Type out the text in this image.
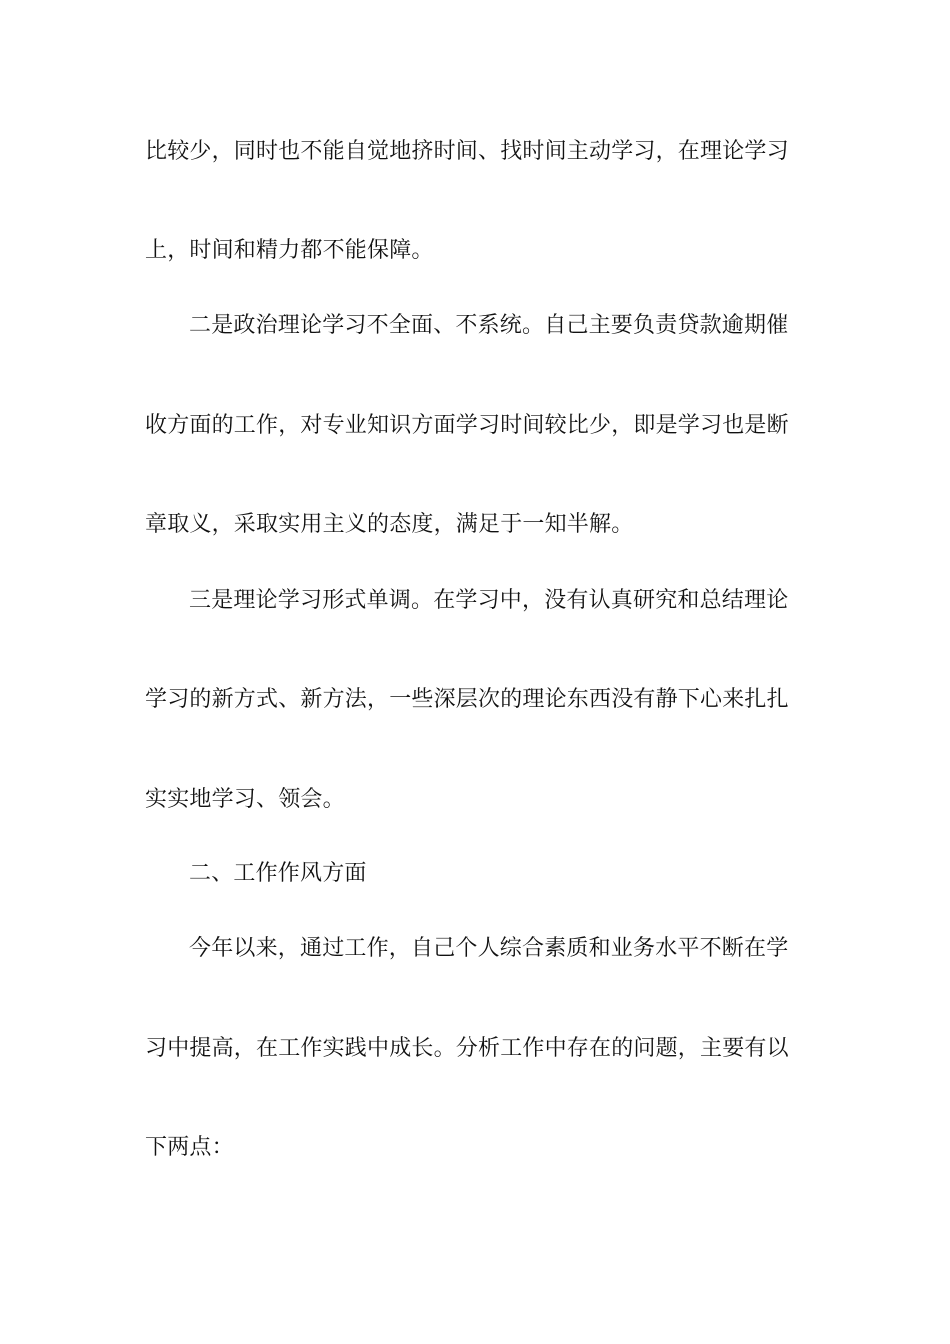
比较少，同时也不能自觉地挤时间、找时间主动学习，在理论学习
上，时间和精力都不能保障。
二是政治理论学习不全面、不系统。自己主要负责贷款逾期催
收方面的工作，对专业知识方面学习时间较比少，即是学习也是断
章取义，采取实用主义的态度，满足于一知半解。
三是理论学习形式单调。在学习中，没有认真研究和总结理论
学习的新方式、新方法，一些深层次的理论东西没有静下心来扎扎
实实地学习、领会。
二、工作作风方面
今年以来，通过工作，自己个人综合素质和业务水平不断在学
习中提高，在工作实践中成长。分析工作中存在的问题，主要有以
下两点：
